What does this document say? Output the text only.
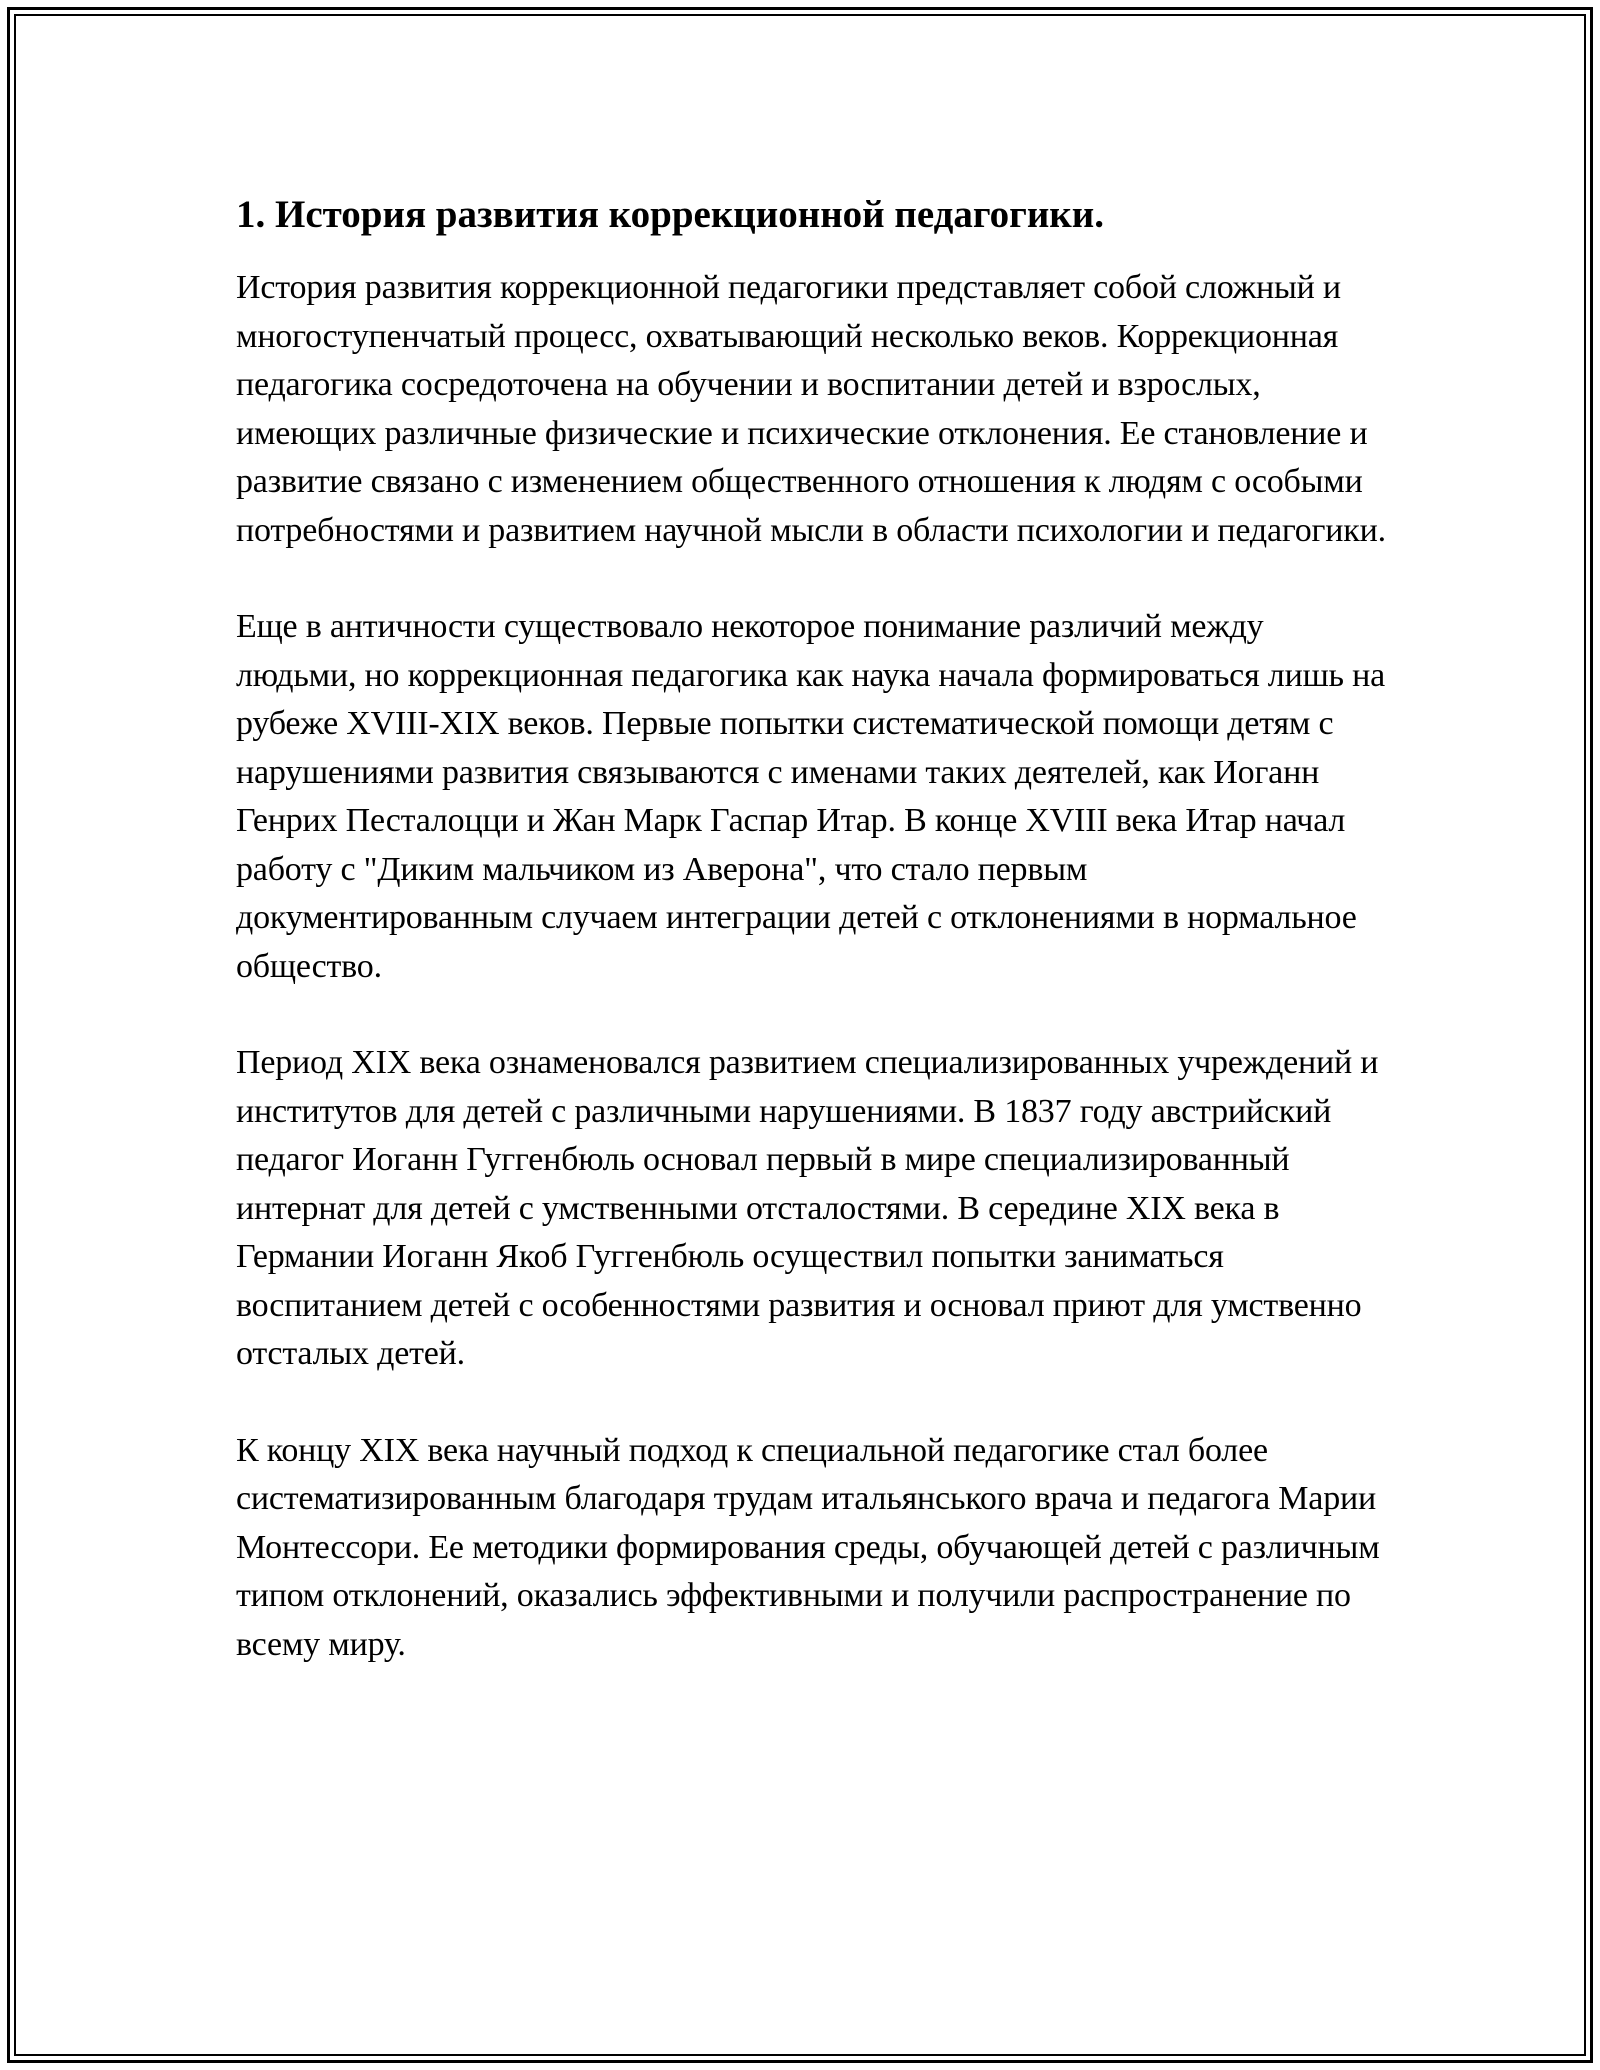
1. История развития коррекционной педагогики.

История развития коррекционной педагогики представляет собой сложный и многоступенчатый процесс, охватывающий несколько веков. Коррекционная педагогика сосредоточена на обучении и воспитании детей и взрослых, имеющих различные физические и психические отклонения. Ее становление и развитие связано с изменением общественного отношения к людям с особыми потребностями и развитием научной мысли в области психологии и педагогики.

Еще в античности существовало некоторое понимание различий между людьми, но коррекционная педагогика как наука начала формироваться лишь на рубеже XVIII-XIX веков. Первые попытки систематической помощи детям с нарушениями развития связываются с именами таких деятелей, как Иоганн Генрих Песталоцци и Жан Марк Гаспар Итар. В конце XVIII века Итар начал работу с "Диким мальчиком из Аверона", что стало первым документированным случаем интеграции детей с отклонениями в нормальное общество.

Период XIX века ознаменовался развитием специализированных учреждений и институтов для детей с различными нарушениями. В 1837 году австрийский педагог Иоганн Гуггенбюль основал первый в мире специализированный интернат для детей с умственными отсталостями. В середине XIX века в Германии Иоганн Якоб Гуггенбюль осуществил попытки заниматься воспитанием детей с особенностями развития и основал приют для умственно отсталых детей.

К концу XIX века научный подход к специальной педагогике стал более систематизированным благодаря трудам итальянського врача и педагога Марии Монтессори. Ее методики формирования среды, обучающей детей с различным типом отклонений, оказались эффективными и получили распространение по всему миру.
